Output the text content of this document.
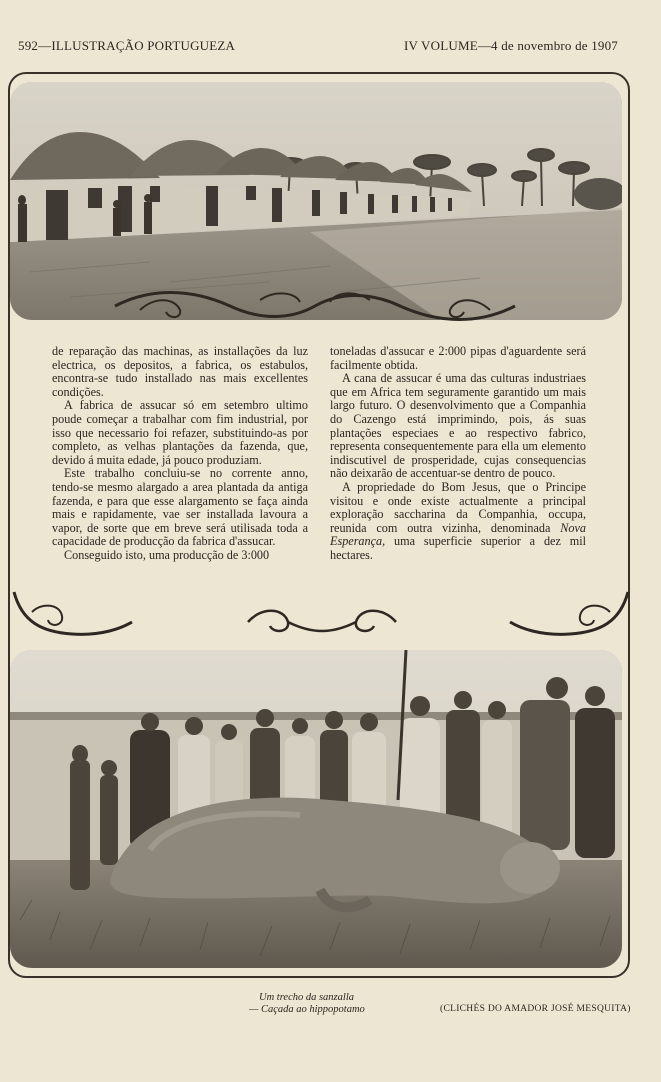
592—ILLUSTRAÇÃO PORTUGUEZA	IV VOLUME—4 de novembro de 1907

de reparação das machinas, as installações da luz electrica, os depositos, a fabrica, os estabulos, encontra-se tudo installado nas mais excellentes condições.

A fabrica de assucar só em setembro ultimo poude começar a trabalhar com fim industrial, por isso que necessario foi refazer, substituindo-as por completo, as velhas plantações da fazenda, que, devido á muita edade, já pouco produziam.

Este trabalho concluiu-se no corrente anno, tendo-se mesmo alargado a area plantada da antiga fazenda, e para que esse alargamento se faça ainda mais e rapidamente, vae ser installada lavoura a vapor, de sorte que em breve será utilisada toda a capacidade de producção da fabrica d'assucar.

Conseguido isto, uma producção de 3:000

toneladas d'assucar e 2:000 pipas d'aguardente será facilmente obtida.

A cana de assucar é uma das culturas industriaes que em Africa tem seguramente garantido um mais largo futuro. O desenvolvimento que a Companhia do Cazengo está imprimindo, pois, ás suas plantações especiaes e ao respectivo fabrico, representa consequentemente para ella um elemento indiscutivel de prosperidade, cujas consequencias não deixarão de accentuar-se dentro de pouco.

A propriedade do Bom Jesus, que o Principe visitou e onde existe actualmente a principal exploração saccharina da Companhia, occupa, reunida com outra vizinha, denominada Nova Esperança, uma superficie superior a dez mil hectares.

Um trecho da sanzalla
— Caçada ao hippopotamo	(CLICHÉS DO AMADOR JOSÉ MESQUITA)
